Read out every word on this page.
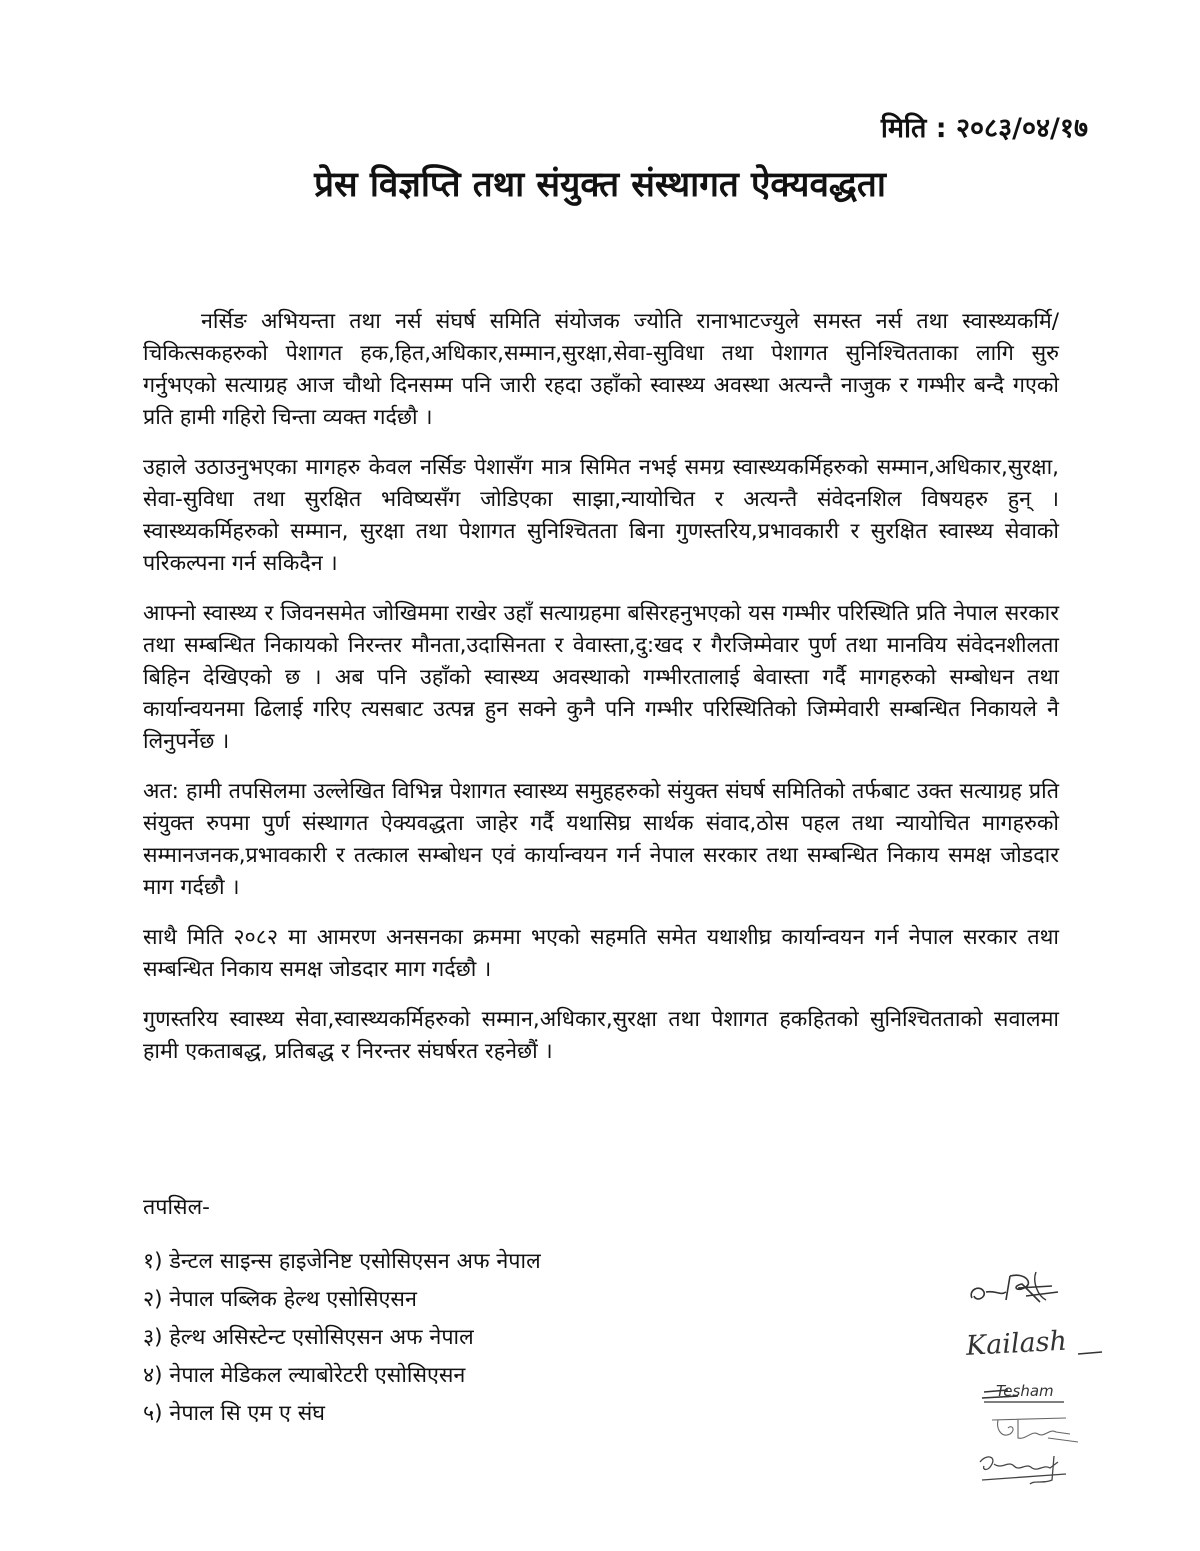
मिति : २०८३/०४/१७
प्रेस विज्ञप्ति तथा संयुक्त संस्थागत ऐक्यवद्धता

नर्सिङ अभियन्ता तथा नर्स संघर्ष समिति संयोजक ज्योति रानाभाटज्युले समस्त नर्स तथा स्वास्थ्यकर्मि/चिकित्सकहरुको पेशागत हक,हित,अधिकार,सम्मान,सुरक्षा,सेवा-सुविधा तथा पेशागत सुनिश्चितताका लागि सुरु गर्नुभएको सत्याग्रह आज चौथो दिनसम्म पनि जारी रहदा उहाँको स्वास्थ्य अवस्था अत्यन्तै नाजुक र गम्भीर बन्दै गएको प्रति हामी गहिरो चिन्ता व्यक्त गर्दछौ ।

उहाले उठाउनुभएका मागहरु केवल नर्सिङ पेशासँग मात्र सिमित नभई समग्र स्वास्थ्यकर्मिहरुको सम्मान,अधिकार,सुरक्षा, सेवा-सुविधा तथा सुरक्षित भविष्यसँग जोडिएका साझा,न्यायोचित र अत्यन्तै संवेदनशिल विषयहरु हुन् । स्वास्थ्यकर्मिहरुको सम्मान, सुरक्षा तथा पेशागत सुनिश्चितता बिना गुणस्तरिय,प्रभावकारी र सुरक्षित स्वास्थ्य सेवाको परिकल्पना गर्न सकिदैन ।

आफ्नो स्वास्थ्य र जिवनसमेत जोखिममा राखेर उहाँ सत्याग्रहमा बसिरहनुभएको यस गम्भीर परिस्थिति प्रति नेपाल सरकार तथा सम्बन्धित निकायको निरन्तर मौनता,उदासिनता र वेवास्ता,दु:खद र गैरजिम्मेवार पुर्ण तथा मानविय संवेदनशीलता बिहिन देखिएको छ । अब पनि उहाँको स्वास्थ्य अवस्थाको गम्भीरतालाई बेवास्ता गर्दै मागहरुको सम्बोधन तथा कार्यान्वयनमा ढिलाई गरिए त्यसबाट उत्पन्न हुन सक्ने कुनै पनि गम्भीर परिस्थितिको जिम्मेवारी सम्बन्धित निकायले नै लिनुपर्नेछ ।

अत: हामी तपसिलमा उल्लेखित विभिन्न पेशागत स्वास्थ्य समुहहरुको संयुक्त संघर्ष समितिको तर्फबाट उक्त सत्याग्रह प्रति संयुक्त रुपमा पुर्ण संस्थागत ऐक्यवद्धता जाहेर गर्दै यथासिघ्र सार्थक संवाद,ठोस पहल तथा न्यायोचित मागहरुको सम्मानजनक,प्रभावकारी र तत्काल सम्बोधन एवं कार्यान्वयन गर्न नेपाल सरकार तथा सम्बन्धित निकाय समक्ष जोडदार माग गर्दछौ ।

साथै मिति २०८२ मा आमरण अनसनका क्रममा भएको सहमति समेत यथाशीघ्र कार्यान्वयन गर्न नेपाल सरकार तथा सम्बन्धित निकाय समक्ष जोडदार माग गर्दछौ ।

गुणस्तरिय स्वास्थ्य सेवा,स्वास्थ्यकर्मिहरुको सम्मान,अधिकार,सुरक्षा तथा पेशागत हकहितको सुनिश्चितताको सवालमा हामी एकताबद्ध, प्रतिबद्ध र निरन्तर संघर्षरत रहनेछौं ।

तपसिल-
१) डेन्टल साइन्स हाइजेनिष्ट एसोसिएसन अफ नेपाल
२) नेपाल पब्लिक हेल्थ एसोसिएसन
३) हेल्थ असिस्टेन्ट एसोसिएसन अफ नेपाल
४) नेपाल मेडिकल ल्याबोरेटरी एसोसिएसन
५) नेपाल सि एम ए संघ
Kailash
Tesham
